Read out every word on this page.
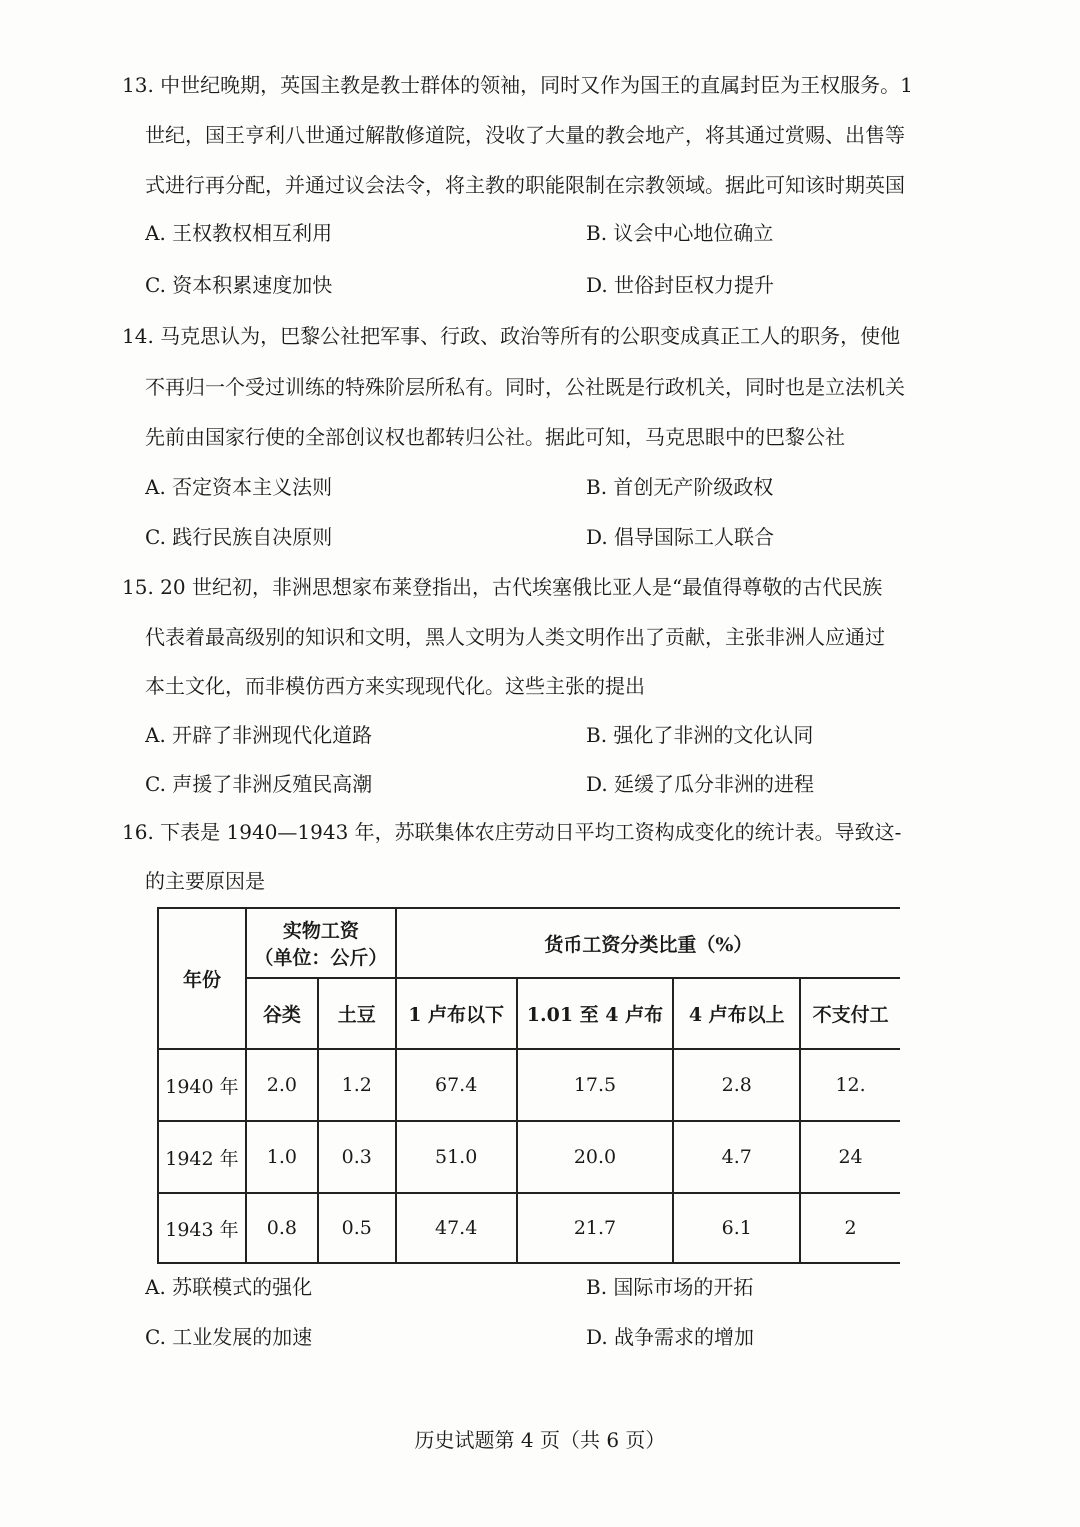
13. 中世纪晚期，英国主教是教士群体的领袖，同时又作为国王的直属封臣为王权服务。1
世纪，国王亨利八世通过解散修道院，没收了大量的教会地产，将其通过赏赐、出售等
式进行再分配，并通过议会法令，将主教的职能限制在宗教领域。据此可知该时期英国
A. 王权教权相互利用	B. 议会中心地位确立
C. 资本积累速度加快	D. 世俗封臣权力提升
14. 马克思认为，巴黎公社把军事、行政、政治等所有的公职变成真正工人的职务，使他
不再归一个受过训练的特殊阶层所私有。同时，公社既是行政机关，同时也是立法机关
先前由国家行使的全部创议权也都转归公社。据此可知，马克思眼中的巴黎公社
A. 否定资本主义法则	B. 首创无产阶级政权
C. 践行民族自决原则	D. 倡导国际工人联合
15. 20 世纪初，非洲思想家布莱登指出，古代埃塞俄比亚人是“最值得尊敬的古代民族
代表着最高级别的知识和文明，黑人文明为人类文明作出了贡献，主张非洲人应通过
本土文化，而非模仿西方来实现现代化。这些主张的提出
A. 开辟了非洲现代化道路	B. 强化了非洲的文化认同
C. 声援了非洲反殖民高潮	D. 延缓了瓜分非洲的进程
16. 下表是 1940—1943 年，苏联集体农庄劳动日平均工资构成变化的统计表。导致这-
的主要原因是
A. 苏联模式的强化	B. 国际市场的开拓
C. 工业发展的加速	D. 战争需求的增加
年份	实物工资
（单位：公斤）		货币工资分类比重（%）			
	谷类	土豆	1 卢布以下	1.01 至 4 卢布	4 卢布以上	不支付工
1940 年	2.0	1.2	67.4	17.5	2.8	12.
1942 年	1.0	0.3	51.0	20.0	4.7	24
1943 年	0.8	0.5	47.4	21.7	6.1	2
历史试题第 4 页（共 6 页）
